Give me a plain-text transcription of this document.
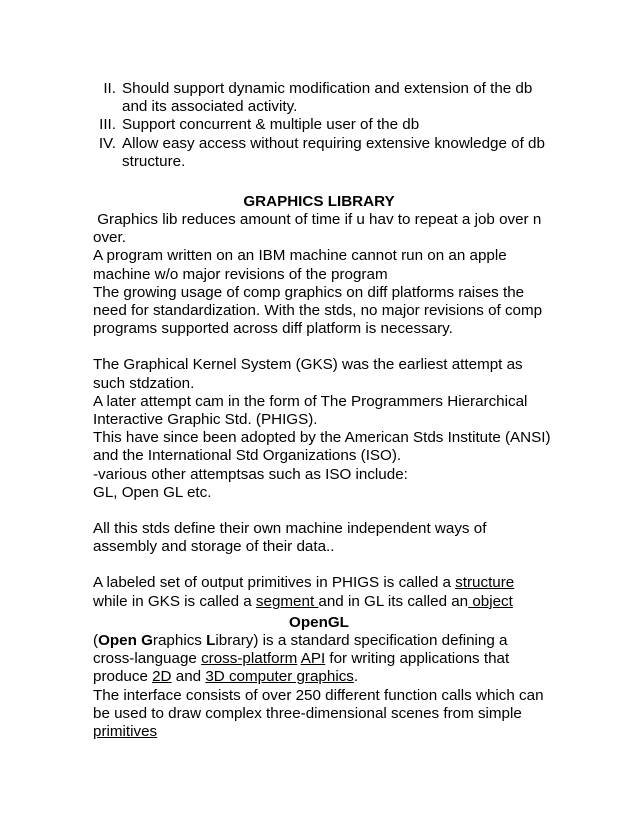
II. Should support dynamic modification and extension of the db and its associated activity.
III. Support concurrent & multiple user of the db
IV. Allow easy access without requiring extensive knowledge of db structure.
GRAPHICS LIBRARY

Graphics lib reduces amount of time if u hav to repeat a job over n over.

A program written on an IBM machine cannot run on an apple machine w/o major revisions of the program

The growing usage of comp graphics on diff platforms raises the need for standardization. With the stds, no major revisions of comp programs supported across diff platform is necessary.

The Graphical Kernel System (GKS) was the earliest attempt as such stdzation.

A later attempt cam in the form of The Programmers Hierarchical Interactive Graphic Std. (PHIGS).

This have since been adopted by the American Stds Institute (ANSI) and the International Std Organizations (ISO).

-various other attemptsas such as ISO include:

GL, Open GL etc.

All this stds define their own machine independent ways of assembly and storage of their data..

A labeled set of output primitives in PHIGS is called a structure while in GKS is called a segment and in GL its called an object

OpenGL

(Open Graphics Library) is a standard specification defining a cross-language cross-platform API for writing applications that produce 2D and 3D computer graphics.

The interface consists of over 250 different function calls which can be used to draw complex three-dimensional scenes from simple primitives
